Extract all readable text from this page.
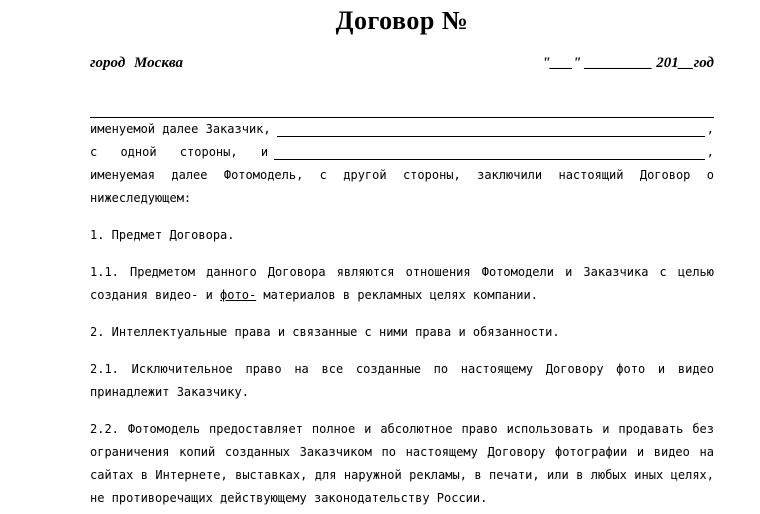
Договор №
город Москва	"___" _________ 201__год
именуемой далее Заказчик,	,
с одной стороны, и	,

именуемая далее Фотомодель, с другой стороны, заключили настоящий Договор о нижеследующем:

1. Предмет Договора.

1.1. Предметом данного Договора являются отношения Фотомодели и Заказчика с целью создания видео- и фото- материалов в рекламных целях компании.

2. Интеллектуальные права и связанные с ними права и обязанности.

2.1. Исключительное право на все созданные по настоящему Договору фото и видео принадлежит Заказчику.

2.2. Фотомодель предоставляет полное и абсолютное право использовать и продавать без ограничения копий созданных Заказчиком по настоящему Договору фотографии и видео на сайтах в Интернете, выставках, для наружной рекламы, в печати, или в любых иных целях, не противоречащих действующему законодательству России.
